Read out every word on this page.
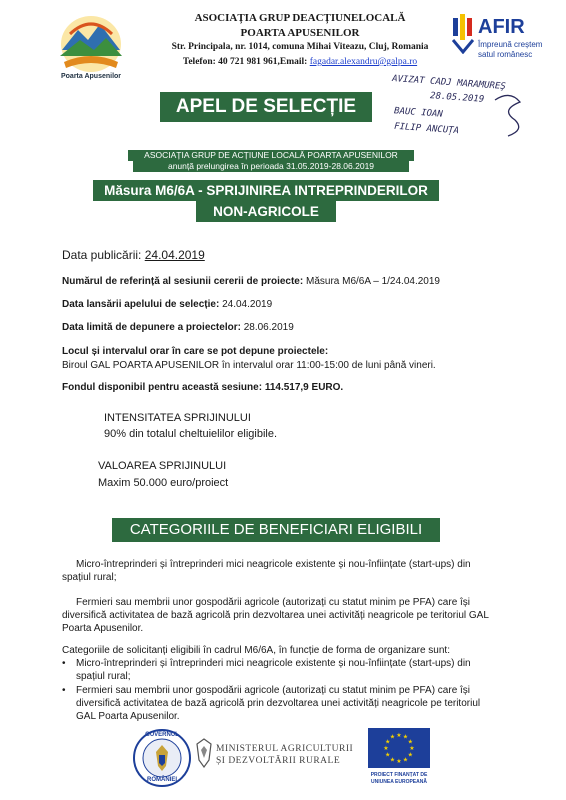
Poarta Apusenilor
ASOCIAȚIA GRUP DEACȚIUNELOCALĂ
POARTA APUSENILOR
Str. Principala, nr. 1014, comuna Mihai Viteazu, Cluj, Romania
Telefon: 40 721 981 961,Email: fagadar.alexandru@galpa.ro
AFIR
Împreună creștem
satul românesc
AVIZAT CADJ MARAMUREŞ
28.05.2019
BAUC IOAN
FILIP ANCUȚA
APEL DE SELECȚIE
ASOCIAȚIA GRUP DE ACȚIUNE LOCALĂ POARTA APUSENILOR
anunță prelungirea în perioada 31.05.2019-28.06.2019
Măsura M6/6A - SPRIJINIREA INTREPRINDERILOR
NON-AGRICOLE
Data publicării: 24.04.2019
Numărul de referință al sesiunii cererii de proiecte: Măsura M6/6A – 1/24.04.2019
Data lansării apelului de selecție: 24.04.2019
Data limită de depunere a proiectelor: 28.06.2019
Locul și intervalul orar în care se pot depune proiectele:
Biroul GAL POARTA APUSENILOR în intervalul orar 11:00-15:00 de luni până vineri.
Fondul disponibil pentru această sesiune: 114.517,9 EURO.
INTENSITATEA SPRIJINULUI
90% din totalul cheltuielilor eligibile.
VALOAREA SPRIJINULUI
Maxim 50.000 euro/proiect
CATEGORIILE DE BENEFICIARI ELIGIBILI
Micro-întreprinderi și întreprinderi mici neagricole existente și nou-înființate (start-ups) din spațiul rural;
Fermieri sau membrii unor gospodării agricole (autorizați cu statut minim pe PFA) care își diversifică activitatea de bază agricolă prin dezvoltarea unei activități neagricole pe teritoriul GAL Poarta Apusenilor.
Categoriile de solicitanți eligibili în cadrul M6/6A, în funcție de forma de organizare sunt:
•	Micro-întreprinderi și întreprinderi mici neagricole existente și nou-înființate (start-ups) din spațiul rural;
•	Fermieri sau membrii unor gospodării agricole (autorizați cu statut minim pe PFA) care își diversifică activitatea de bază agricolă prin dezvoltarea unei activități neagricole pe teritoriul GAL Poarta Apusenilor.
GUVERNUL
ROMÂNIEI
MINISTERUL AGRICULTURII
ȘI DEZVOLTĂRII RURALE
★
★
★
★
★
★
★
★
★ ★ ★
★
PROIECT FINANȚAT DE
UNIUNEA EUROPEANĂ
